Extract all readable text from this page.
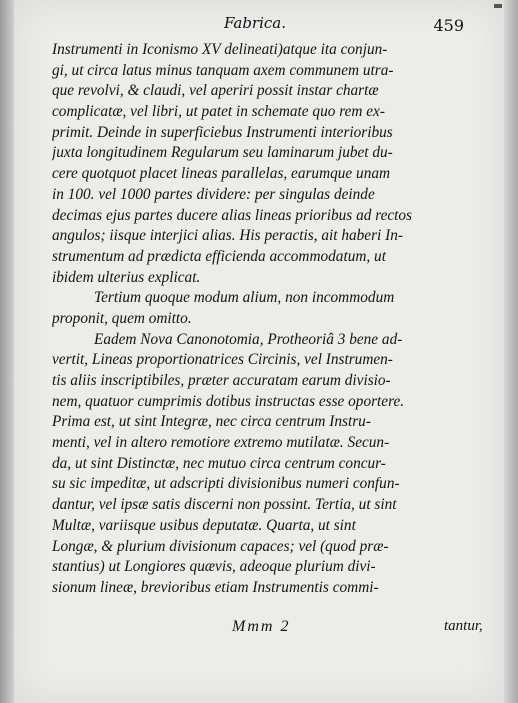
Fabrica.	459
Instrumenti in Iconismo XV delineati)atque ita conjun-
gi, ut circa latus minus tanquam axem communem utra-
que revolvi, & claudi, vel aperiri possit instar chartæ
complicatæ, vel libri, ut patet in schemate quo rem ex-
primit. Deinde in superficiebus Instrumenti interioribus
juxta longitudinem Regularum seu laminarum jubet du-
cere quotquot placet lineas parallelas, earumque unam
in 100. vel 1000 partes dividere: per singulas deinde
decimas ejus partes ducere alias lineas prioribus ad rectos
angulos; iisque interjici alias. His peractis, ait haberi In-
strumentum ad prædicta efficienda accommodatum, ut
ibidem ulterius explicat.
Tertium quoque modum alium, non incommodum
proponit, quem omitto.
Eadem Nova Canonotomia, Protheoriâ 3 bene ad-
vertit, Lineas proportionatrices Circinis, vel Instrumen-
tis aliis inscriptibiles, præter accuratam earum divisio-
nem, quatuor cumprimis dotibus instructas esse oportere.
Prima est, ut sint Integræ, nec circa centrum Instru-
menti, vel in altero remotiore extremo mutilatæ. Secun-
da, ut sint Distinctæ, nec mutuo circa centrum concur-
su sic impeditæ, ut adscripti divisionibus numeri confun-
dantur, vel ipsæ satis discerni non possint. Tertia, ut sint
Multæ, variisque usibus deputatæ. Quarta, ut sint
Longæ, & plurium divisionum capaces; vel (quod præ-
stantius) ut Longiores quævis, adeoque plurium divi-
sionum lineæ, brevioribus etiam Instrumentis commi-
Mmm 2	tantur,
